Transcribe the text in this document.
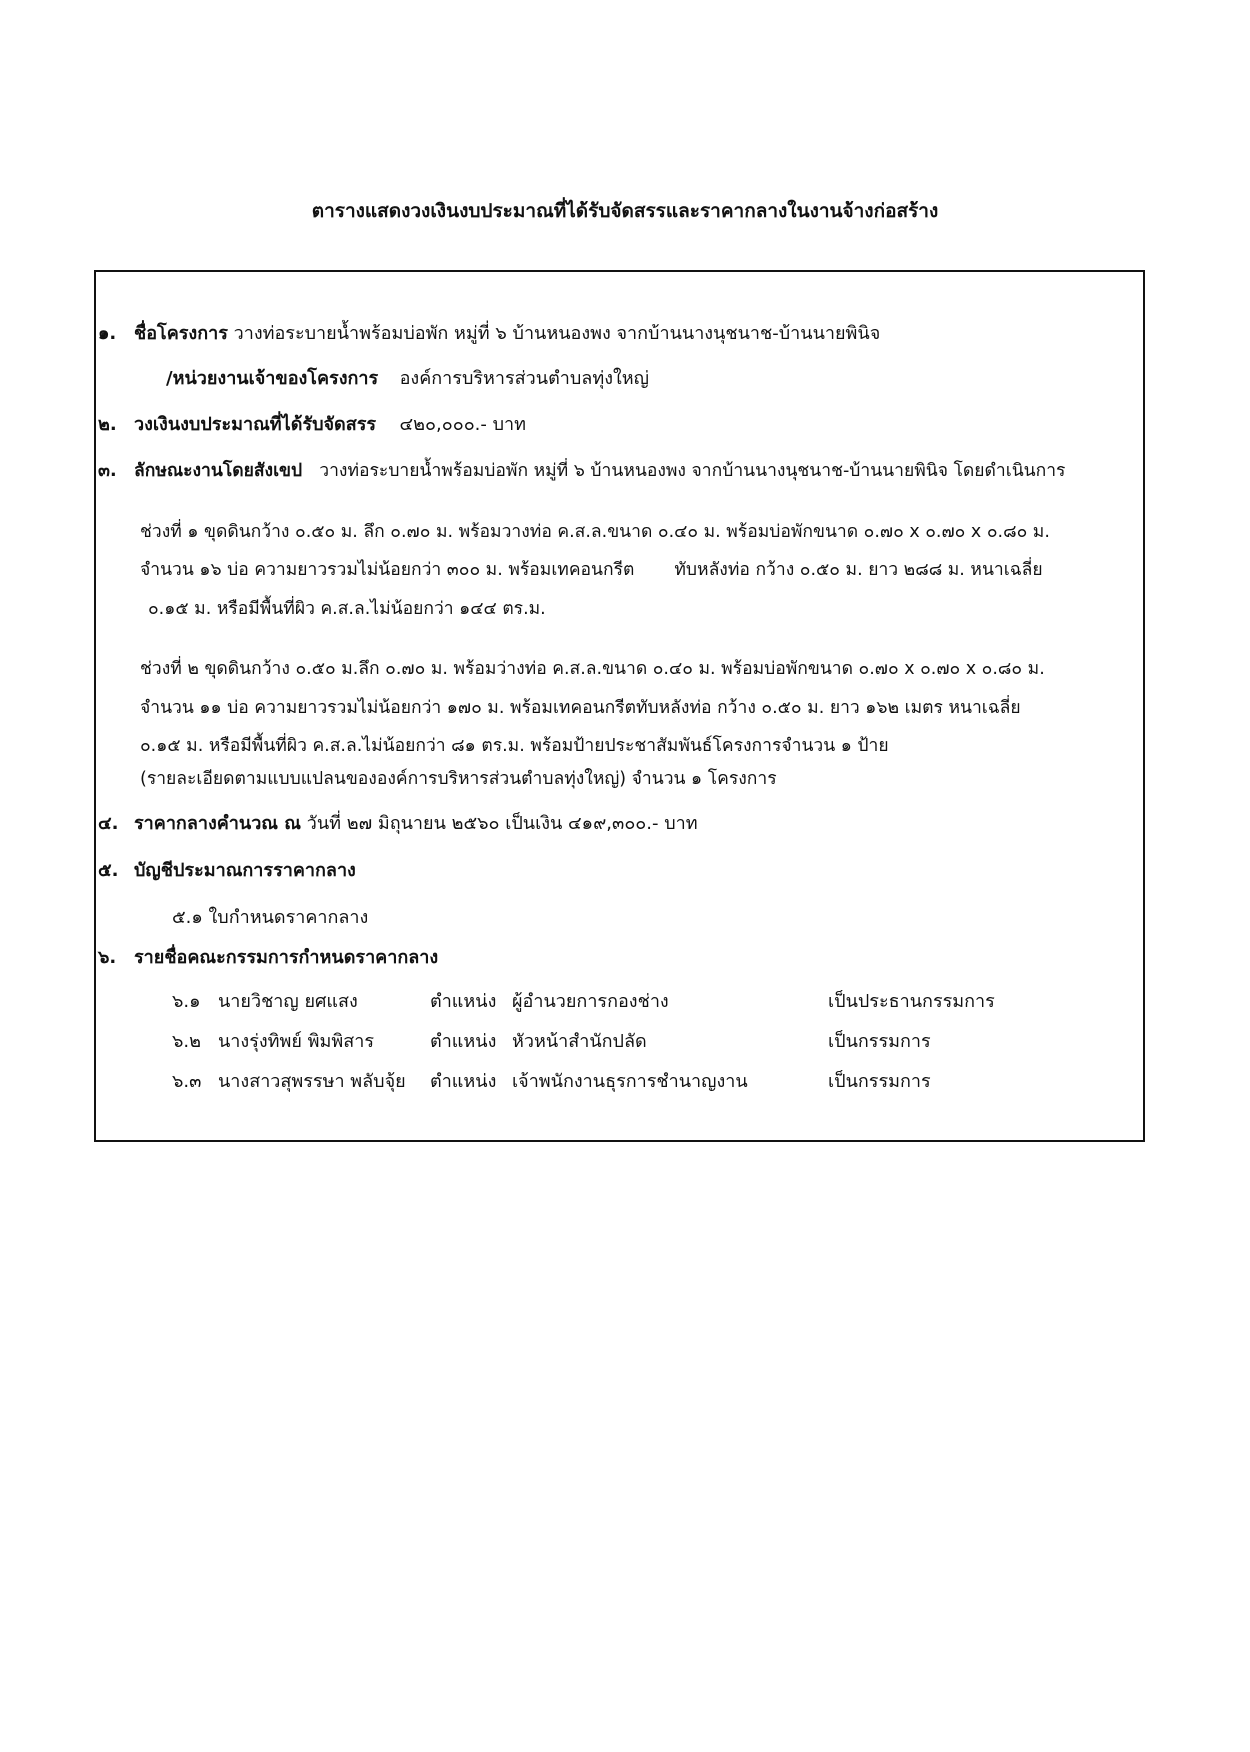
ตารางแสดงวงเงินงบประมาณที่ได้รับจัดสรรและราคากลางในงานจ้างก่อสร้าง
๑. ชื่อโครงการ วางท่อระบายน้ำพร้อมบ่อพัก หมู่ที่ ๖ บ้านหนองพง จากบ้านนางนุชนาช-บ้านนายพินิจ
/หน่วยงานเจ้าของโครงการ องค์การบริหารส่วนตำบลทุ่งใหญ่
๒. วงเงินงบประมาณที่ได้รับจัดสรร ๔๒๐,๐๐๐.- บาท
๓. ลักษณะงานโดยสังเขป วางท่อระบายน้ำพร้อมบ่อพัก หมู่ที่ ๖ บ้านหนองพง จากบ้านนางนุชนาช-บ้านนายพินิจ โดยดำเนินการ
ช่วงที่ ๑ ขุดดินกว้าง ๐.๕๐ ม. ลึก ๐.๗๐ ม. พร้อมวางท่อ ค.ส.ล.ขนาด ๐.๔๐ ม. พร้อมบ่อพักขนาด ๐.๗๐ x ๐.๗๐ x ๐.๘๐ ม.
จำนวน ๑๖ บ่อ ความยาวรวมไม่น้อยกว่า ๓๐๐ ม. พร้อมเทคอนกรีต ทับหลังท่อ กว้าง ๐.๕๐ ม. ยาว ๒๘๘ ม. หนาเฉลี่ย
๐.๑๕ ม. หรือมีพื้นที่ผิว ค.ส.ล.ไม่น้อยกว่า ๑๔๔ ตร.ม.
ช่วงที่ ๒ ขุดดินกว้าง ๐.๕๐ ม.ลึก ๐.๗๐ ม. พร้อมว่างท่อ ค.ส.ล.ขนาด ๐.๔๐ ม. พร้อมบ่อพักขนาด ๐.๗๐ x ๐.๗๐ x ๐.๘๐ ม.
จำนวน ๑๑ บ่อ ความยาวรวมไม่น้อยกว่า ๑๗๐ ม. พร้อมเทคอนกรีตทับหลังท่อ กว้าง ๐.๕๐ ม. ยาว ๑๖๒ เมตร หนาเฉลี่ย
๐.๑๕ ม. หรือมีพื้นที่ผิว ค.ส.ล.ไม่น้อยกว่า ๘๑ ตร.ม. พร้อมป้ายประชาสัมพันธ์โครงการจำนวน ๑ ป้าย
(รายละเอียดตามแบบแปลนขององค์การบริหารส่วนตำบลทุ่งใหญ่) จำนวน ๑ โครงการ
๔. ราคากลางคำนวณ ณ วันที่ ๒๗ มิถุนายน ๒๕๖๐ เป็นเงิน ๔๑๙,๓๐๐.- บาท
๕. บัญชีประมาณการราคากลาง
๕.๑ ใบกำหนดราคากลาง
๖. รายชื่อคณะกรรมการกำหนดราคากลาง
๖.๑ นายวิชาญ ยศแสง	ตำแหน่ง ผู้อำนวยการกองช่าง	เป็นประธานกรรมการ
๖.๒ นางรุ่งทิพย์ พิมพิสาร	ตำแหน่ง หัวหน้าสำนักปลัด	เป็นกรรมการ
๖.๓ นางสาวสุพรรษา พลับจุ้ย ตำแหน่ง เจ้าพนักงานธุรการชำนาญงาน	เป็นกรรมการ
